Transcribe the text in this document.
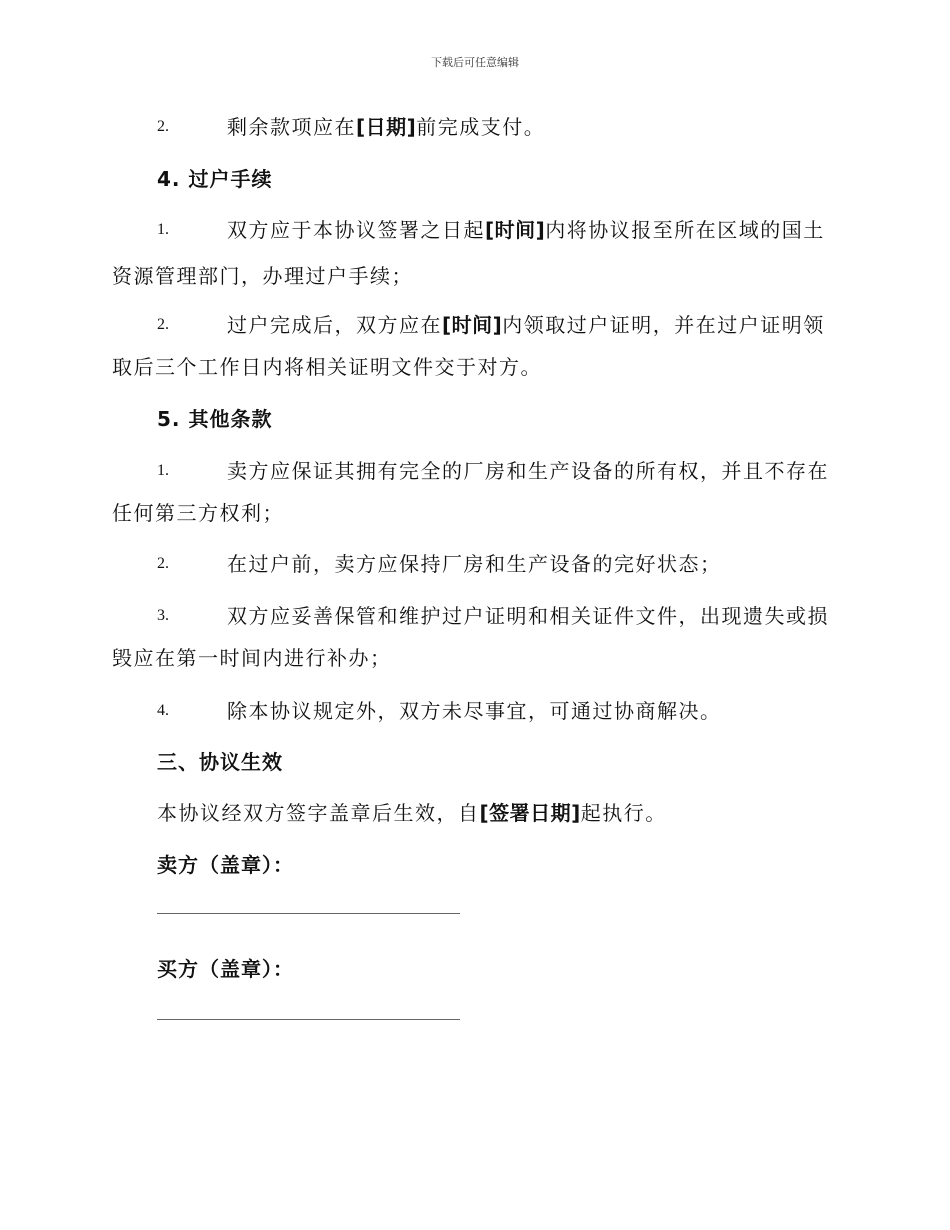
下载后可任意编辑
2.	剩余款项应在[日期]前完成支付。
4. 过户手续
1.	双方应于本协议签署之日起[时间]内将协议报至所在区域的国土
资源管理部门，办理过户手续；
2.	过户完成后，双方应在[时间]内领取过户证明，并在过户证明领
取后三个工作日内将相关证明文件交于对方。
5. 其他条款
1.	卖方应保证其拥有完全的厂房和生产设备的所有权，并且不存在
任何第三方权利；
2.	在过户前，卖方应保持厂房和生产设备的完好状态；
3.	双方应妥善保管和维护过户证明和相关证件文件，出现遗失或损
毁应在第一时间内进行补办；
4.	除本协议规定外，双方未尽事宜，可通过协商解决。
三、协议生效
本协议经双方签字盖章后生效，自[签署日期]起执行。
卖方（盖章）：
买方（盖章）：
